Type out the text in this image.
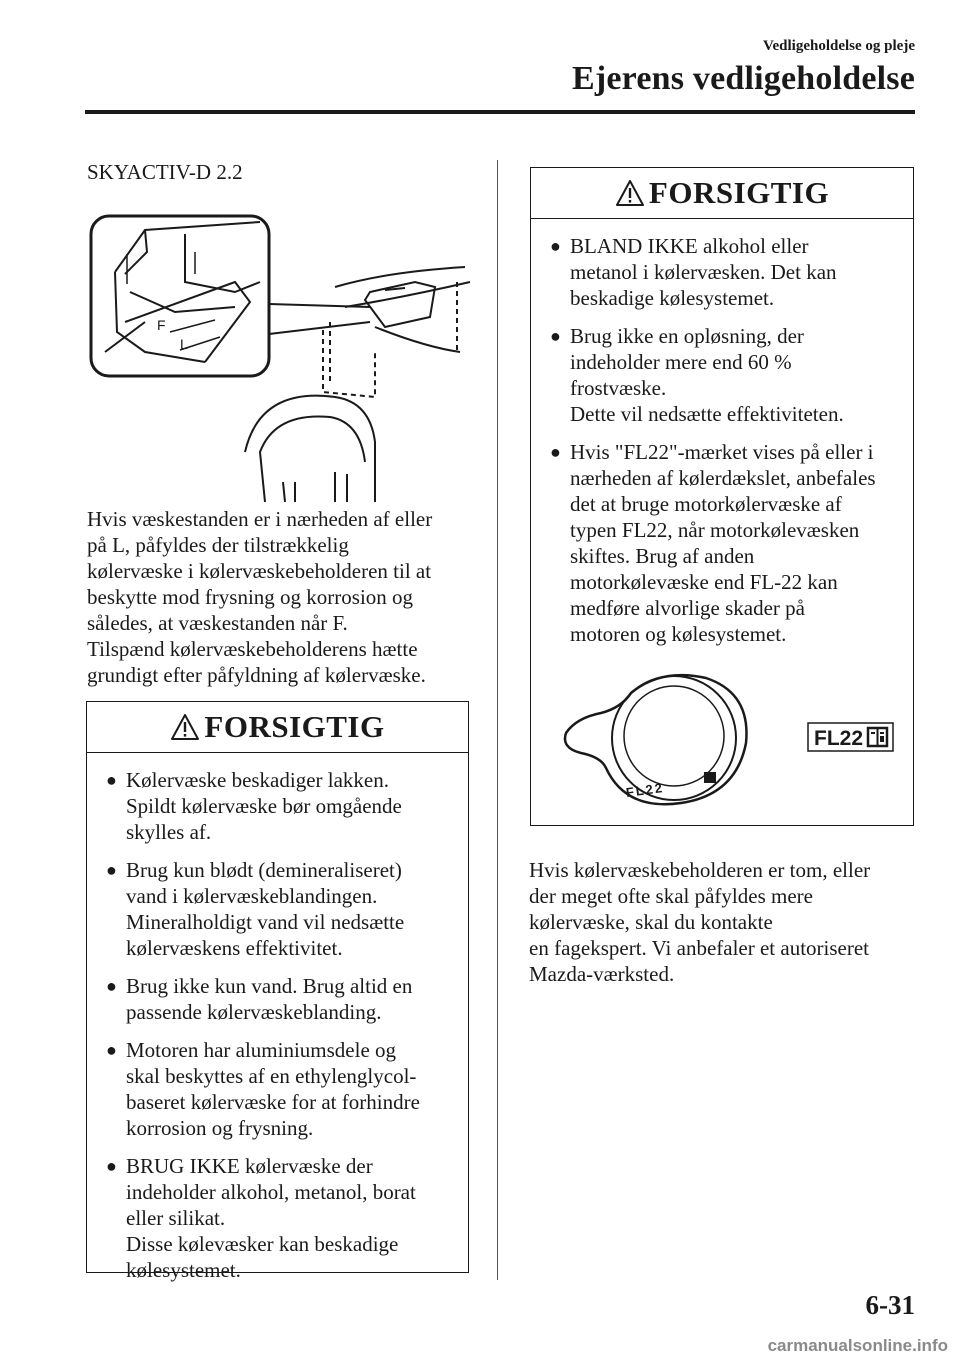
Vedligeholdelse og pleje
Ejerens vedligeholdelse
SKYACTIV-D 2.2
F
L
Hvis væskestanden er i nærheden af eller
på L, påfyldes der tilstrækkelig
kølervæske i kølervæskebeholderen til at
beskytte mod frysning og korrosion og
således, at væskestanden når F.
Tilspænd kølervæskebeholderens hætte
grundigt efter påfyldning af kølervæske.
FORSIGTIG
● Kølervæske beskadiger lakken.
Spildt kølervæske bør omgående
skylles af.
● Brug kun blødt (demineraliseret)
vand i kølervæskeblandingen.
Mineralholdigt vand vil nedsætte
kølervæskens effektivitet.
● Brug ikke kun vand. Brug altid en
passende kølervæskeblanding.
● Motoren har aluminiumsdele og
skal beskyttes af en ethylenglycol-
baseret kølervæske for at forhindre
korrosion og frysning.
● BRUG IKKE kølervæske der
indeholder alkohol, metanol, borat
eller silikat.
Disse kølevæsker kan beskadige
kølesystemet.
FORSIGTIG
● BLAND IKKE alkohol eller
metanol i kølervæsken. Det kan
beskadige kølesystemet.
● Brug ikke en opløsning, der
indeholder mere end 60 %
frostvæske.
Dette vil nedsætte effektiviteten.
● Hvis "FL22"-mærket vises på eller i
nærheden af kølerdækslet, anbefales
det at bruge motorkølervæske af
typen FL22, når motorkølevæsken
skiftes. Brug af anden
motorkølevæske end FL-22 kan
medføre alvorlige skader på
motoren og kølesystemet.
FL22
FL22
Hvis kølervæskebeholderen er tom, eller
der meget ofte skal påfyldes mere
kølervæske, skal du kontakte
en fagekspert. Vi anbefaler et autoriseret
Mazda-værksted.
6-31
carmanualsonline.info
